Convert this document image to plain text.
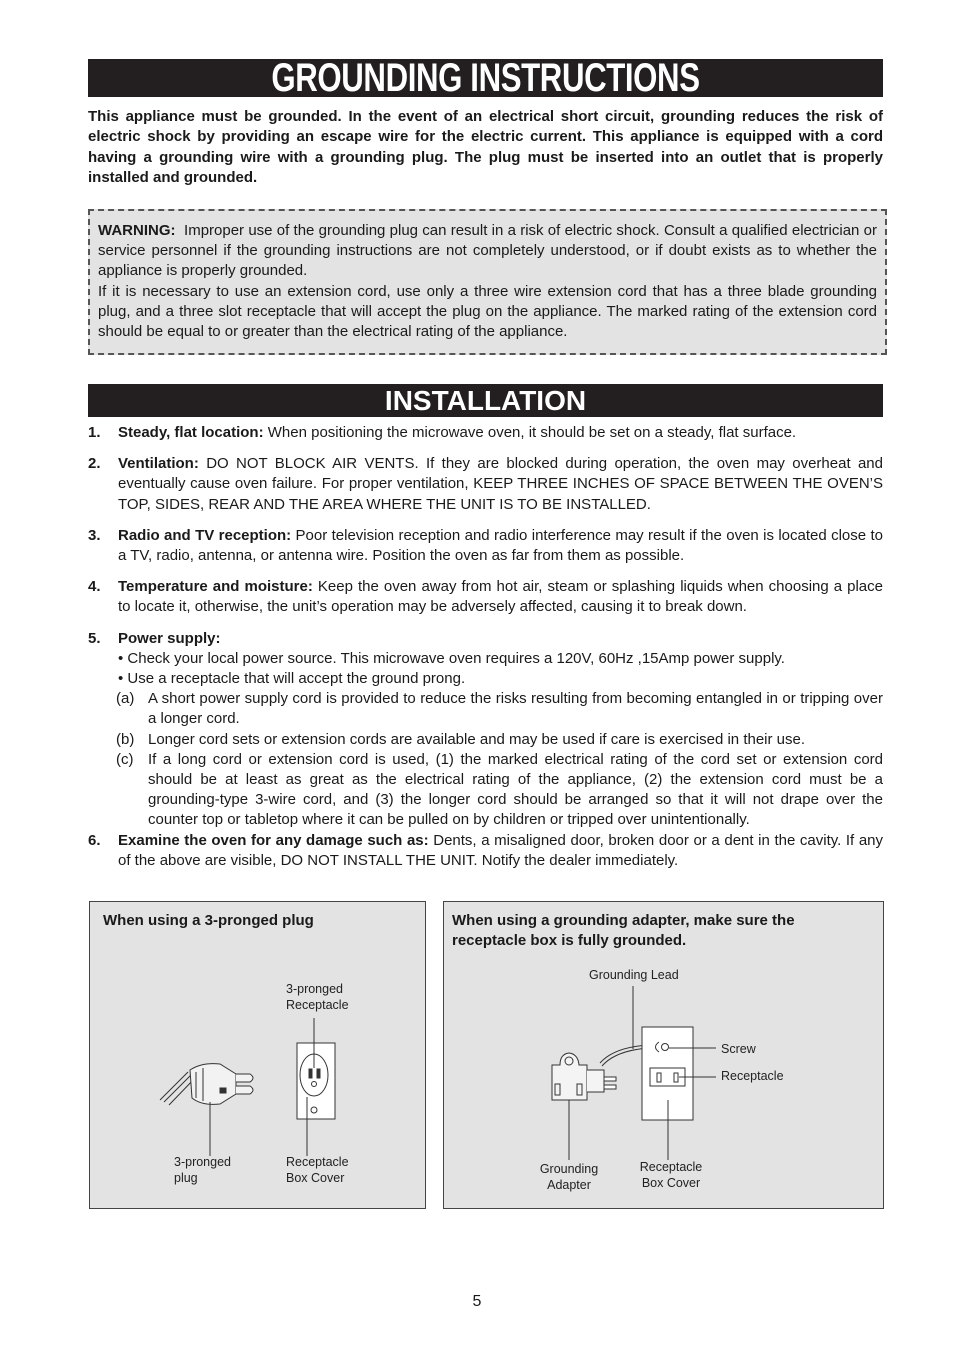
GROUNDING INSTRUCTIONS
This appliance must be grounded. In the event of an electrical short circuit, grounding reduces the risk of electric shock by providing an escape wire for the electric current. This appliance is equipped with a cord having a grounding wire with a grounding plug. The plug must be inserted into an outlet that is properly installed and grounded.

WARNING: Improper use of the grounding plug can result in a risk of electric shock. Consult a qualified electrician or service personnel if the grounding instructions are not completely understood, or if doubt exists as to whether the appliance is properly grounded.

If it is necessary to use an extension cord, use only a three wire extension cord that has a three blade grounding plug, and a three slot receptacle that will accept the plug on the appliance. The marked rating of the extension cord should be equal to or greater than the electrical rating of the appliance.

INSTALLATION
1. Steady, flat location: When positioning the microwave oven, it should be set on a steady, flat surface.
2. Ventilation: DO NOT BLOCK AIR VENTS. If they are blocked during operation, the oven may overheat and eventually cause oven failure. For proper ventilation, KEEP THREE INCHES OF SPACE BETWEEN THE OVEN’S TOP, SIDES, REAR AND THE AREA WHERE THE UNIT IS TO BE INSTALLED.
3. Radio and TV reception: Poor television reception and radio interference may result if the oven is located close to a TV, radio, antenna, or antenna wire. Position the oven as far from them as possible.
4. Temperature and moisture: Keep the oven away from hot air, steam or splashing liquids when choosing a place to locate it, otherwise, the unit’s operation may be adversely affected, causing it to break down.
5. Power supply:
• Check your local power source. This microwave oven requires a 120V, 60Hz ,15Amp power supply.
• Use a receptacle that will accept the ground prong.
(a) A short power supply cord is provided to reduce the risks resulting from becoming entangled in or tripping over a longer cord.
(b) Longer cord sets or extension cords are available and may be used if care is exercised in their use.
(c) If a long cord or extension cord is used, (1) the marked electrical rating of the cord set or extension cord should be at least as great as the electrical rating of the appliance, (2) the extension cord must be a grounding-type 3-wire cord, and (3) the longer cord should be arranged so that it will not drape over the counter top or tabletop where it can be pulled on by children or tripped over unintentionally.
6. Examine the oven for any damage such as: Dents, a misaligned door, broken door or a dent in the cavity. If any of the above are visible, DO NOT INSTALL THE UNIT. Notify the dealer immediately.
When using a 3-pronged plug
3-pronged
Receptacle
3-pronged
plug
Receptacle
Box Cover
When using a grounding adapter, make sure the receptacle box is fully grounded.
Grounding Lead
Screw
Receptacle
Grounding
Adapter
Receptacle
Box Cover
5
